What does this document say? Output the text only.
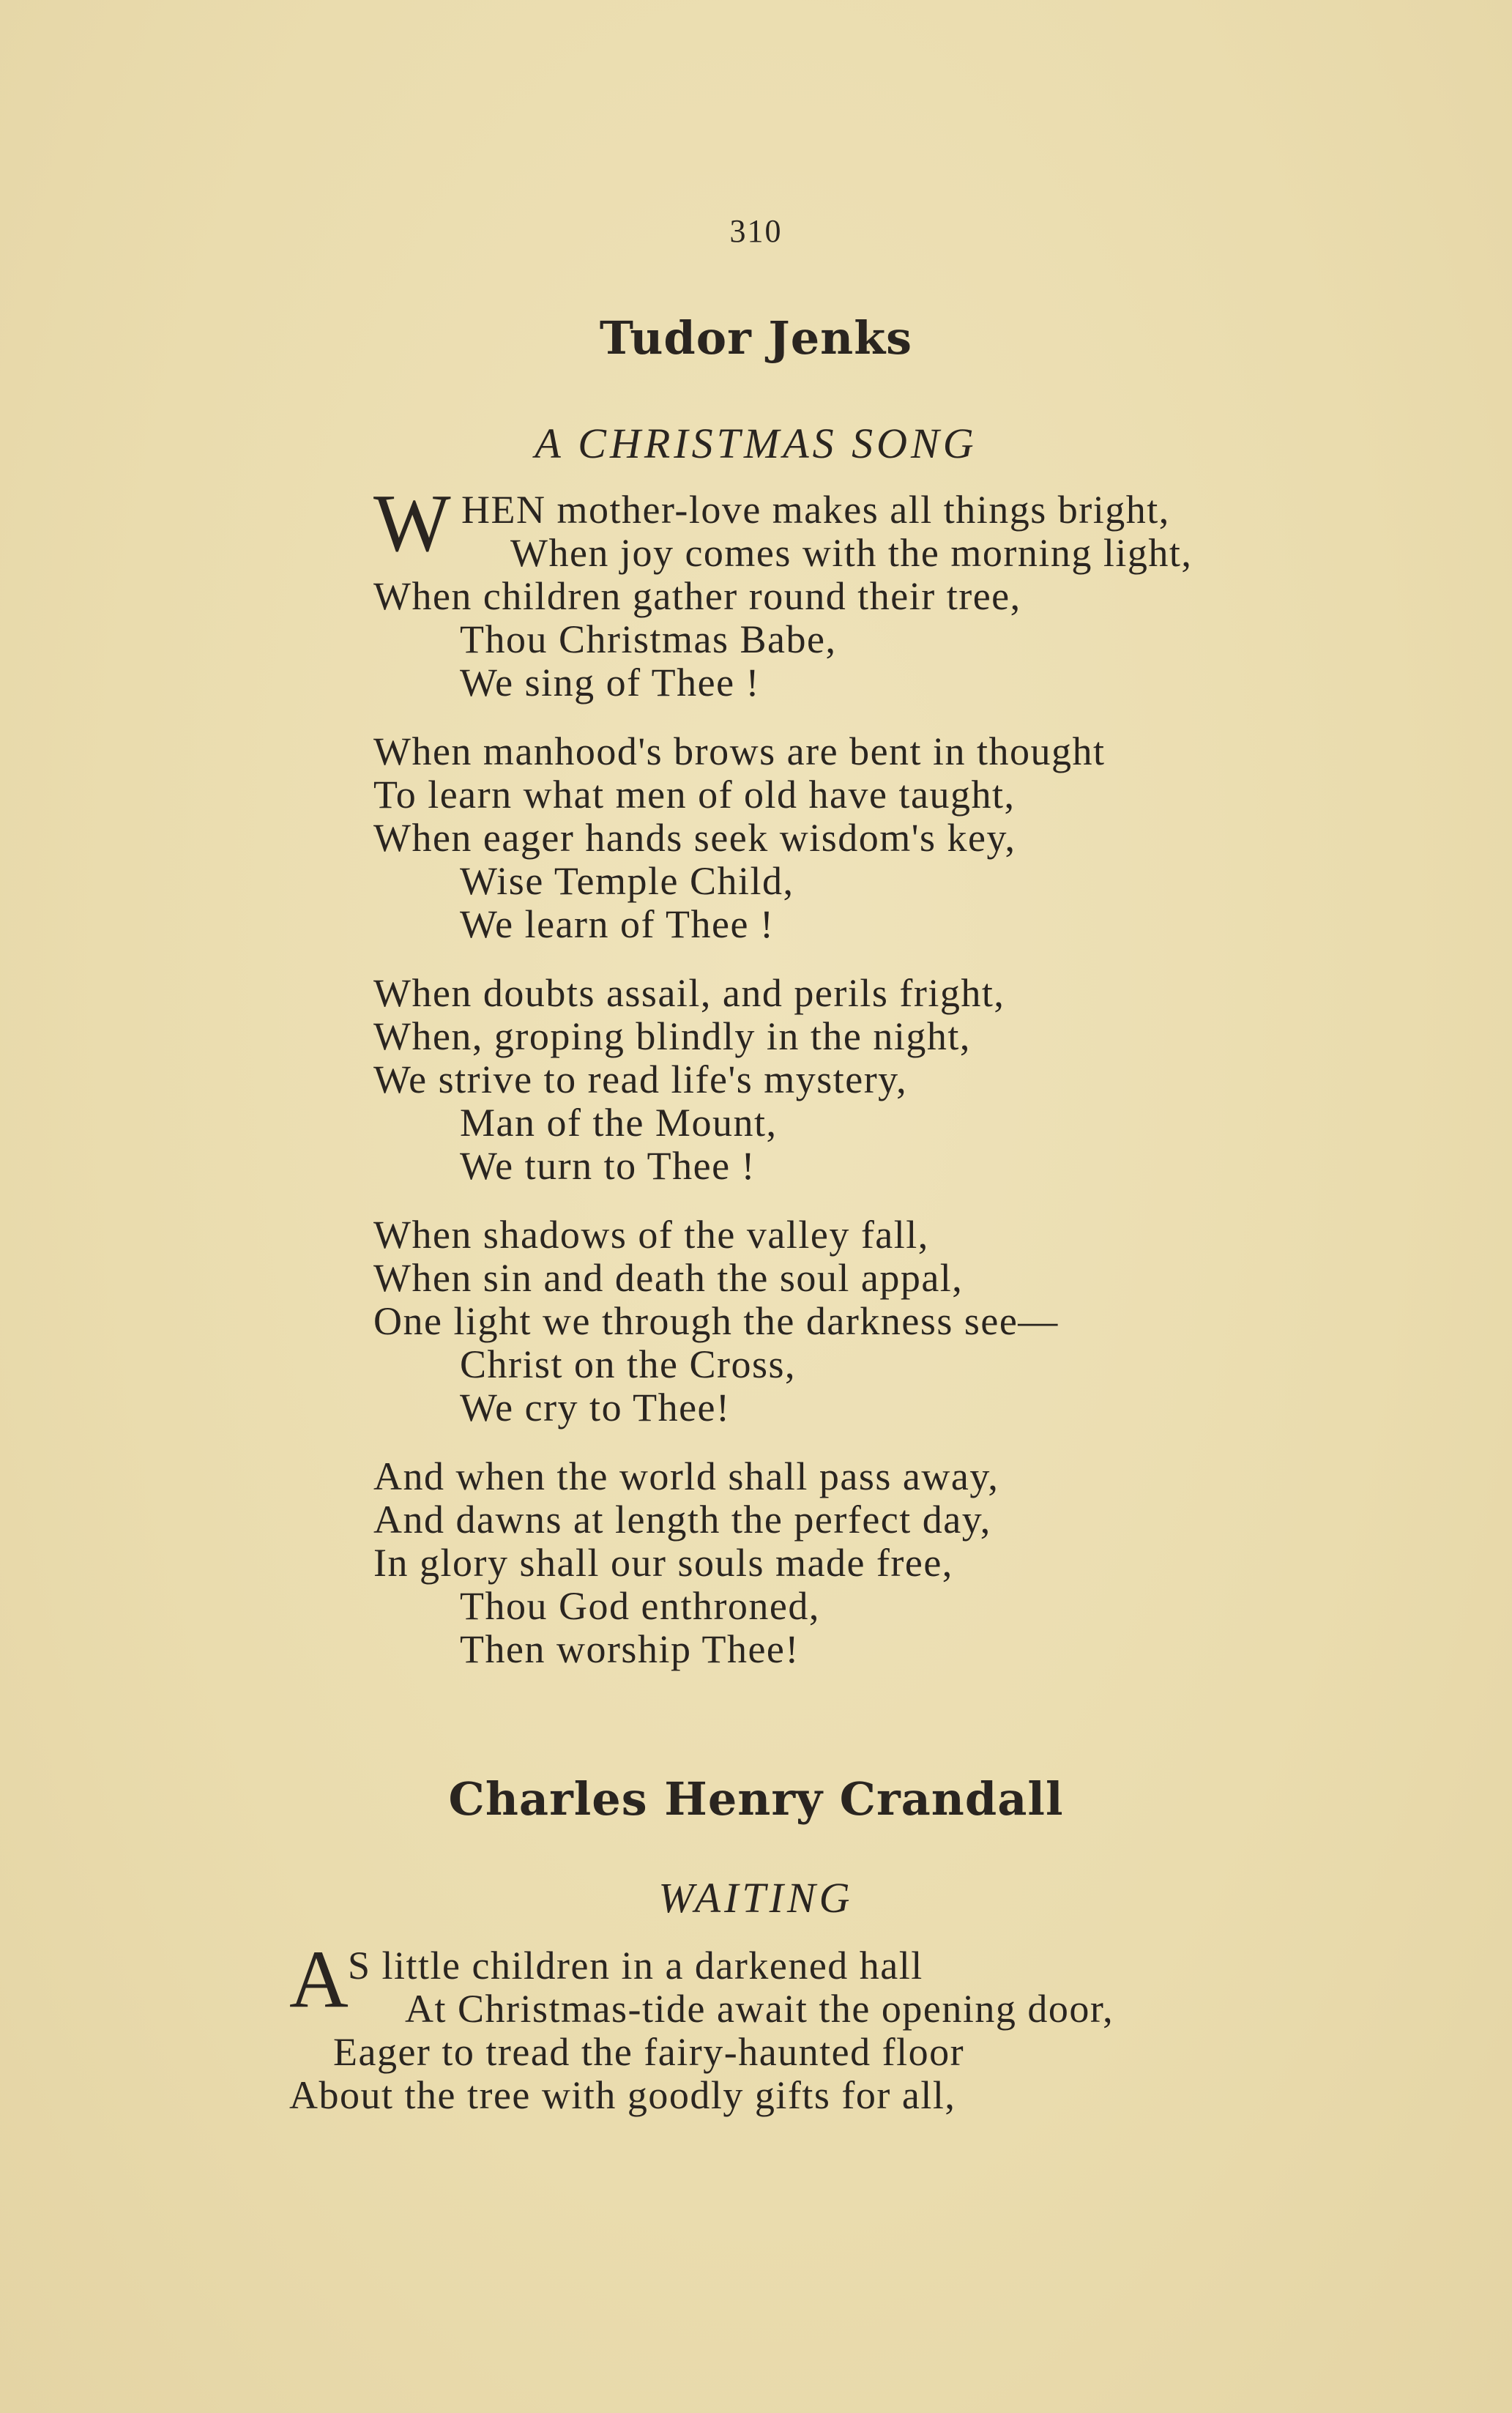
310
Tudor Jenks
A CHRISTMAS SONG
W HEN mother-love makes all things bright,
When joy comes with the morning light,
When children gather round their tree,
Thou Christmas Babe,
We sing of Thee !
When manhood's brows are bent in thought
To learn what men of old have taught,
When eager hands seek wisdom's key,
Wise Temple Child,
We learn of Thee !
When doubts assail, and perils fright,
When, groping blindly in the night,
We strive to read life's mystery,
Man of the Mount,
We turn to Thee !
When shadows of the valley fall,
When sin and death the soul appal,
One light we through the darkness see—
Christ on the Cross,
We cry to Thee!
And when the world shall pass away,
And dawns at length the perfect day,
In glory shall our souls made free,
Thou God enthroned,
Then worship Thee!
Charles Henry Crandall
WAITING
A
S little children in a darkened hall
At Christmas-tide await the opening door,
Eager to tread the fairy-haunted floor
About the tree with goodly gifts for all,
